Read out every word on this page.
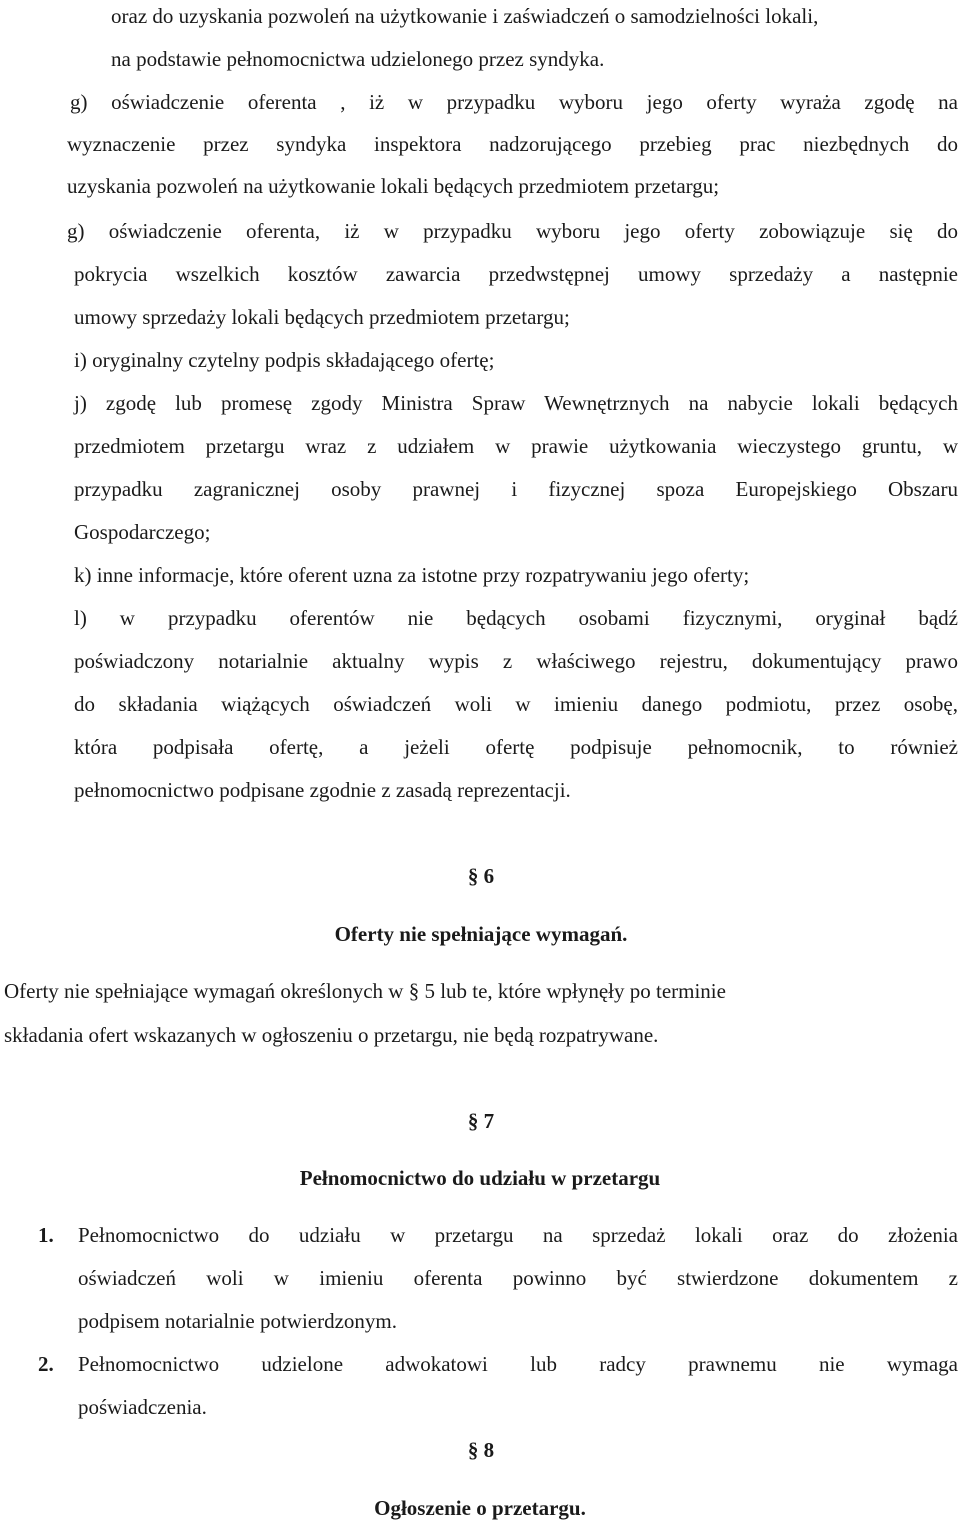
oraz do uzyskania pozwoleń na użytkowanie i zaświadczeń o samodzielności lokali,
na podstawie pełnomocnictwa udzielonego przez syndyka.
g) oświadczenie oferenta , iż w przypadku wyboru jego oferty wyraża zgodę na
wyznaczenie przez syndyka inspektora nadzorującego przebieg prac niezbędnych do
uzyskania pozwoleń na użytkowanie lokali będących przedmiotem przetargu;
g) oświadczenie oferenta, iż w przypadku wyboru jego oferty zobowiązuje się do
pokrycia wszelkich kosztów zawarcia przedwstępnej umowy sprzedaży a następnie
umowy sprzedaży lokali będących przedmiotem przetargu;
i) oryginalny czytelny podpis składającego ofertę;
j) zgodę lub promesę zgody Ministra Spraw Wewnętrznych na nabycie lokali będących
przedmiotem przetargu wraz z udziałem w prawie użytkowania wieczystego gruntu, w
przypadku zagranicznej osoby prawnej i fizycznej spoza Europejskiego Obszaru
Gospodarczego;
k) inne informacje, które oferent uzna za istotne przy rozpatrywaniu jego oferty;
l) w przypadku oferentów nie będących osobami fizycznymi, oryginał bądź
poświadczony notarialnie aktualny wypis z właściwego rejestru, dokumentujący prawo
do składania wiążących oświadczeń woli w imieniu danego podmiotu, przez osobę,
która podpisała ofertę, a jeżeli ofertę podpisuje pełnomocnik, to również
pełnomocnictwo podpisane zgodnie z zasadą reprezentacji.
§ 6
Oferty nie spełniające wymagań.
Oferty nie spełniające wymagań określonych w § 5 lub te, które wpłynęły po terminie
składania ofert wskazanych w ogłoszeniu o przetargu, nie będą rozpatrywane.
§ 7
Pełnomocnictwo do udziału w przetargu
1. Pełnomocnictwo do udziału w przetargu na sprzedaż lokali oraz do złożenia
oświadczeń woli w imieniu oferenta powinno być stwierdzone dokumentem z
podpisem notarialnie potwierdzonym.
2. Pełnomocnictwo udzielone adwokatowi lub radcy prawnemu nie wymaga
poświadczenia.
§ 8
Ogłoszenie o przetargu.
